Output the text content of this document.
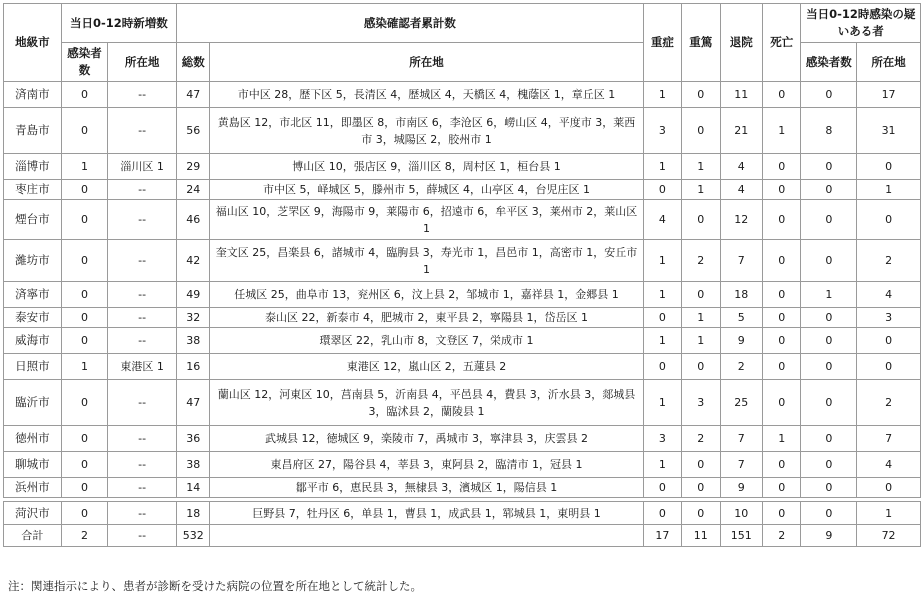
地級市	当日0-12時新増数		感染確認者累計数		重症	重篤	退院	死亡	当日0-12時感染の疑いある者	
	感染者数	所在地	総数	所在地					感染者数	所在地
済南市	0	--	47	市中区 28，歴下区 5，長清区 4，歴城区 4，天橋区 4，槐蔭区 1，章丘区 1	1	0	11	0	0	17
青島市	0	--	56	黄島区 12，市北区 11，即墨区 8，市南区 6，李沧区 6，嶗山区 4，平度市 3，莱西市 3，城陽区 2，胶州市 1	3	0	21	1	8	31
淄博市	1	淄川区 1	29	博山区 10，張店区 9，淄川区 8，周村区 1，桓台县 1	1	1	4	0	0	0
枣庄市	0	--	24	市中区 5，峄城区 5，滕州市 5，薛城区 4，山亭区 4，台児庄区 1	0	1	4	0	0	1
煙台市	0	--	46	福山区 10，芝罘区 9，海陽市 9，莱陽市 6，招遠市 6，牟平区 3，莱州市 2，莱山区 1	4	0	12	0	0	0
濰坊市	0	--	42	奎文区 25，昌楽县 6，諸城市 4，臨朐县 3，寿光市 1，昌邑市 1，高密市 1，安丘市 1	1	2	7	0	0	2
済寧市	0	--	49	任城区 25，曲阜市 13，兖州区 6，汶上县 2，邹城市 1，嘉祥县 1，金郷县 1	1	0	18	0	1	4
泰安市	0	--	32	泰山区 22，新泰市 4，肥城市 2，東平县 2，寧陽县 1，岱岳区 1	0	1	5	0	0	3
威海市	0	--	38	環翠区 22，乳山市 8，文登区 7，栄成市 1	1	1	9	0	0	0
日照市	1	東港区 1	16	東港区 12，嵐山区 2，五蓮县 2	0	0	2	0	0	0
臨沂市	0	--	47	蘭山区 12，河東区 10，莒南县 5，沂南县 4，平邑县 4，費县 3，沂水县 3，郯城县 3，臨沭县 2，蘭陵县 1	1	3	25	0	0	2
徳州市	0	--	36	武城县 12，徳城区 9，楽陵市 7，禹城市 3，寧津县 3，庆雲县 2	3	2	7	1	0	7
聊城市	0	--	38	東昌府区 27，陽谷县 4，莘县 3，東阿县 2，臨清市 1，冠县 1	1	0	7	0	0	4
浜州市	0	--	14	鄒平市 6，恵民县 3，無棣县 3，濱城区 1，陽信县 1	0	0	9	0	0	0

菏沢市	0	--	18	巨野县 7，牡丹区 6，单县 1，曹县 1，成武县 1，郓城县 1，東明县 1	0	0	10	0	0	1
合計	2	--	532		17	11	151	2	9	72
注：関連指示により、患者が診断を受けた病院の位置を所在地として統計した。
